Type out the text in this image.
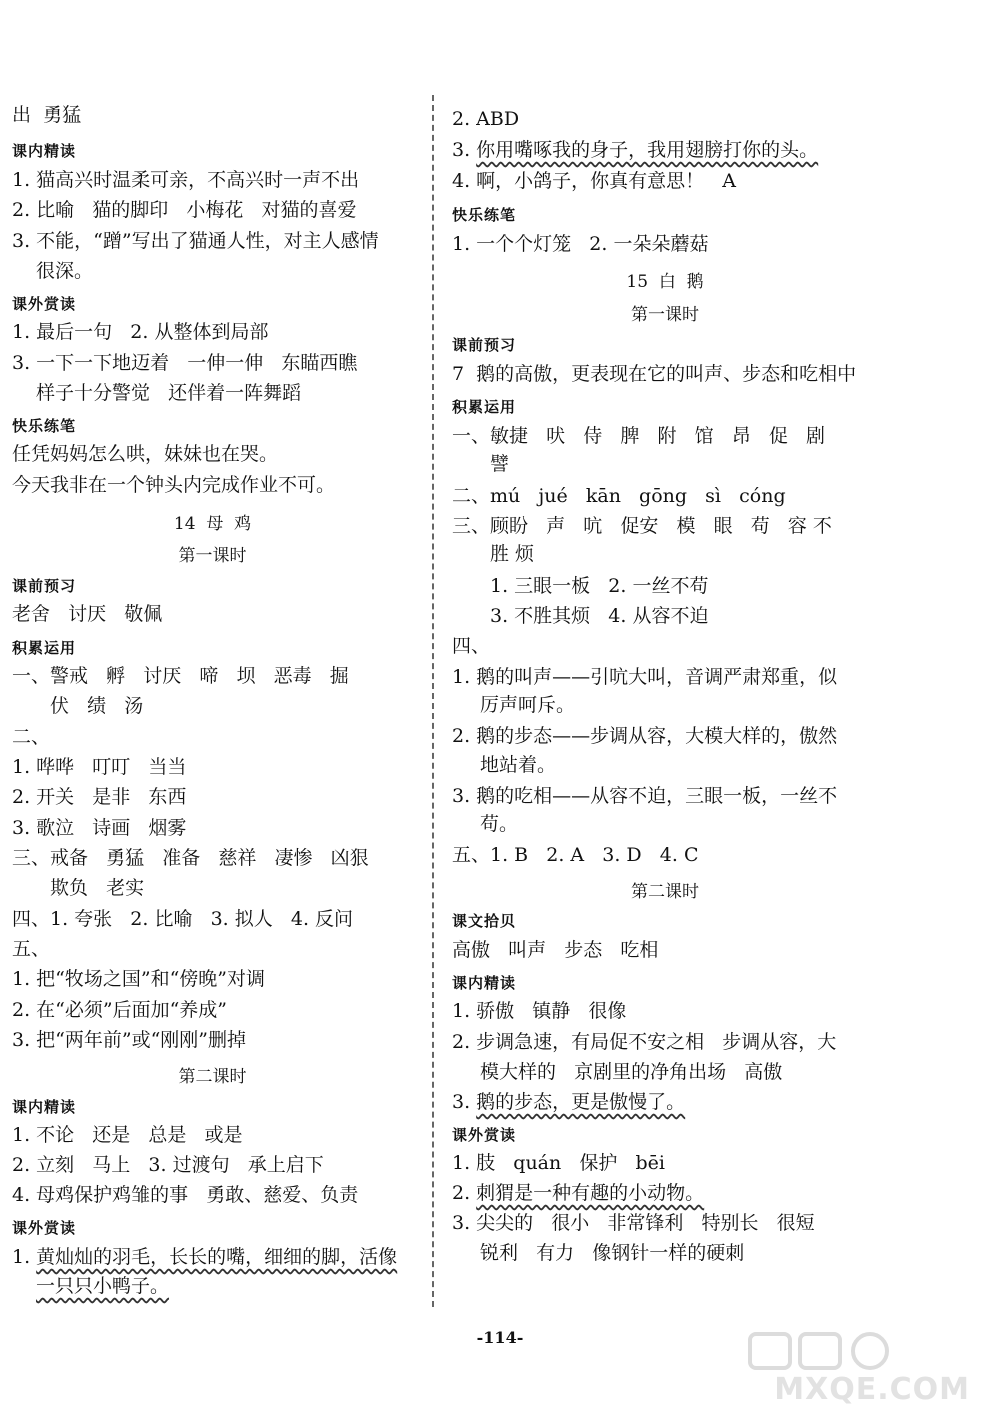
出  勇猛
课内精读
1. 猫高兴时温柔可亲，不高兴时一声不出
2. 比喻   猫的脚印   小梅花   对猫的喜爱
3. 不能，“蹭”写出了猫通人性，对主人感情
很深。
课外赏读
1. 最后一句   2. 从整体到局部
3. 一下一下地迈着   一伸一伸   东瞄西瞧
样子十分警觉   还伴着一阵舞蹈
快乐练笔
任凭妈妈怎么哄，妹妹也在哭。
今天我非在一个钟头内完成作业不可。
14  母  鸡
第一课时
课前预习
老舍   讨厌   敬佩
积累运用
一、警戒   孵   讨厌   啼   坝   恶毒   掘
伏   绩   汤
二、
1. 哗哗   叮叮   当当
2. 开关   是非   东西
3. 歌泣   诗画   烟雾
三、戒备   勇猛   准备   慈祥   凄惨   凶狠
欺负   老实
四、1. 夸张   2. 比喻   3. 拟人   4. 反问
五、
1. 把“牧场之国”和“傍晚”对调
2. 在“必须”后面加“养成”
3. 把“两年前”或“刚刚”删掉
第二课时
课内精读
1. 不论   还是   总是   或是
2. 立刻   马上   3. 过渡句   承上启下
4. 母鸡保护鸡雏的事   勇敢、慈爱、负责
课外赏读
1. 黄灿灿的羽毛，长长的嘴，细细的脚，活像
一只只小鸭子。
2. ABD
3. 你用嘴啄我的身子，我用翅膀打你的头。
4. 啊，小鸽子，你真有意思！   A
快乐练笔
1. 一个个灯笼   2. 一朵朵蘑菇
15  白  鹅
第一课时
课前预习
7  鹅的高傲，更表现在它的叫声、步态和吃相中
积累运用
一、敏捷   吠   侍   脾   附   馆   昂   促   剧
譬
二、mú   jué   kān   gōng   sì   cóng
三、顾盼   声   吭   促安   模   眼   苟   容 不
胜 烦
1. 三眼一板   2. 一丝不苟
3. 不胜其烦   4. 从容不迫
四、
1. 鹅的叫声——引吭大叫，音调严肃郑重，似
厉声呵斥。
2. 鹅的步态——步调从容，大模大样的，傲然
地站着。
3. 鹅的吃相——从容不迫，三眼一板，一丝不
苟。
五、1. B   2. A   3. D   4. C
第二课时
课文拾贝
高傲   叫声   步态   吃相
课内精读
1. 骄傲   镇静   很像
2. 步调急速，有局促不安之相   步调从容，大
模大样的   京剧里的净角出场   高傲
3. 鹅的步态，更是傲慢了。
课外赏读
1. 肢   quán   保护   bēi
2. 刺猬是一种有趣的小动物。
3. 尖尖的   很小   非常锋利   特别长   很短
锐利   有力   像钢针一样的硬刺
-114-
MXQE.COM
